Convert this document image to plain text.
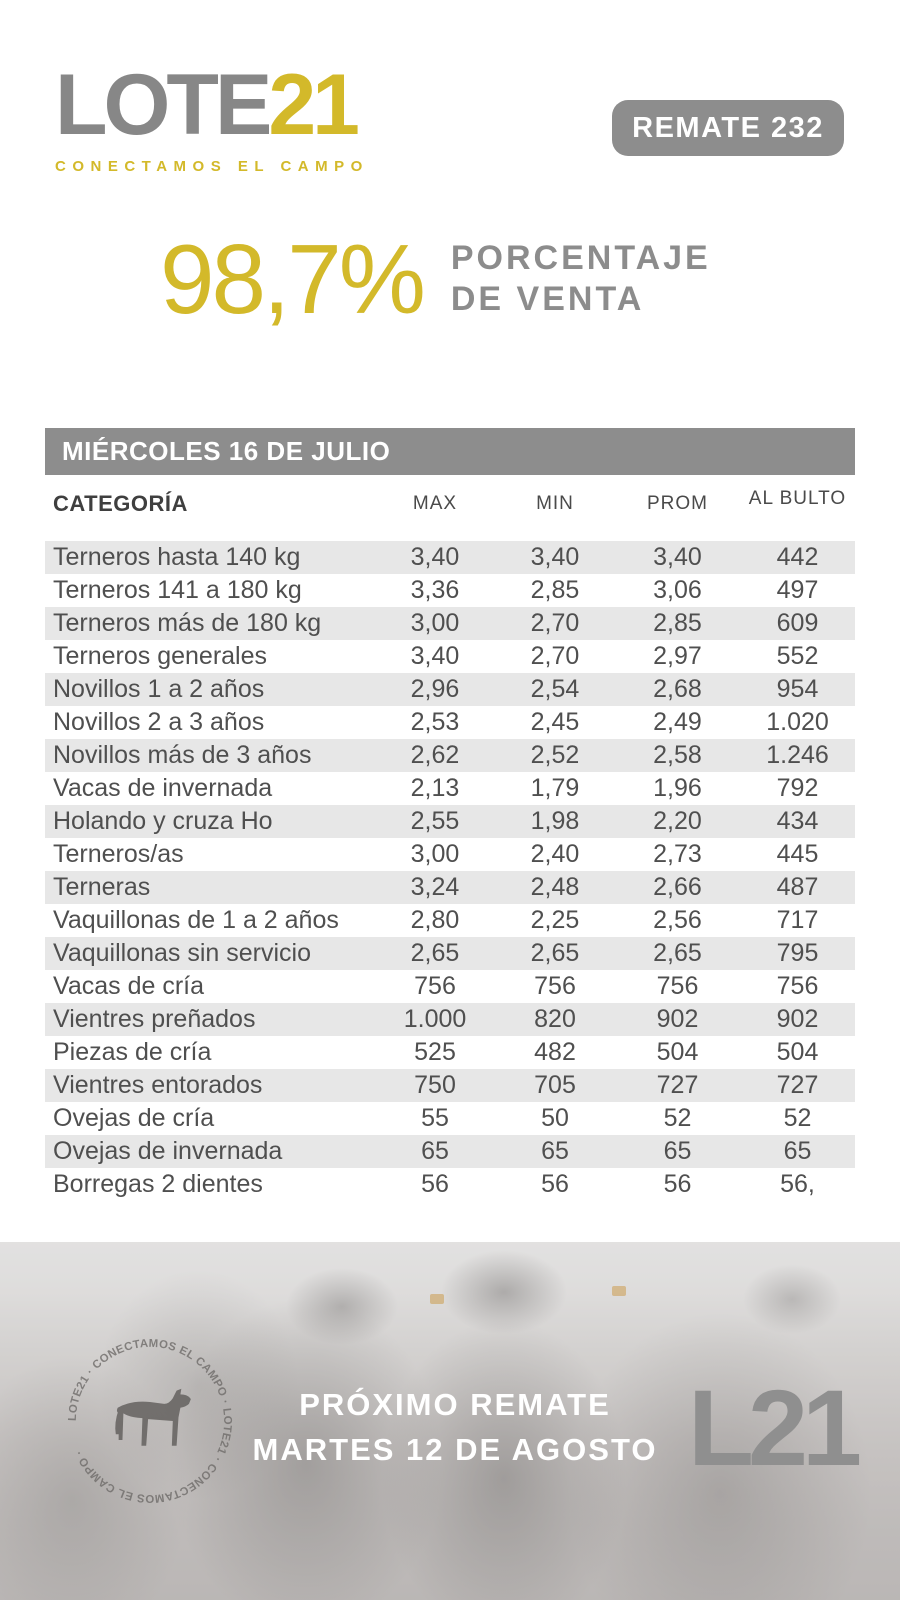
LOTE21
CONECTAMOS EL CAMPO
REMATE 232
98,7% PORCENTAJE
DE VENTA
MIÉRCOLES 16 DE JULIO
CATEGORÍA	MAX	MIN	PROM	AL BULTO
Terneros hasta 140 kg	3,40	3,40	3,40	442
Terneros 141 a 180 kg	3,36	2,85	3,06	497
Terneros más de 180 kg	3,00	2,70	2,85	609
Terneros generales	3,40	2,70	2,97	552
Novillos 1 a 2 años	2,96	2,54	2,68	954
Novillos 2 a 3 años	2,53	2,45	2,49	1.020
Novillos más de 3 años	2,62	2,52	2,58	1.246
Vacas de invernada	2,13	1,79	1,96	792
Holando y cruza Ho	2,55	1,98	2,20	434
Terneros/as	3,00	2,40	2,73	445
Terneras	3,24	2,48	2,66	487
Vaquillonas de 1 a 2 años	2,80	2,25	2,56	717
Vaquillonas sin servicio	2,65	2,65	2,65	795
Vacas de cría	756	756	756	756
Vientres preñados	1.000	820	902	902
Piezas de cría	525	482	504	504
Vientres entorados	750	705	727	727
Ovejas de cría	55	50	52	52
Ovejas de invernada	65	65	65	65
Borregas 2 dientes	56	56	56	56,
LOTE21 · CONECTAMOS EL CAMPO · LOTE21 · CONECTAMOS EL CAMPO ·
PRÓXIMO REMATE
MARTES 12 DE AGOSTO L21
